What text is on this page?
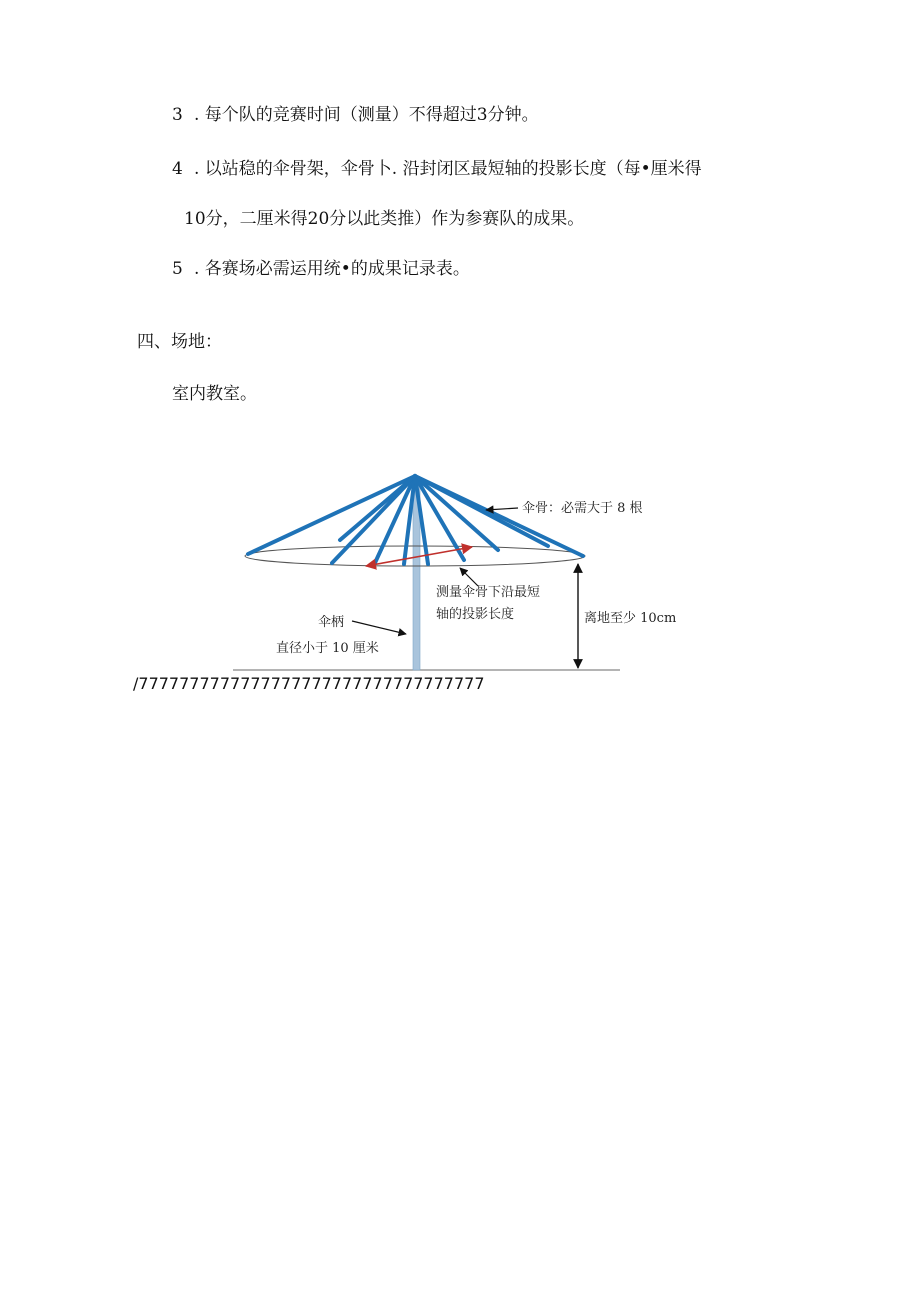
3 . 每个队的竞赛时间（测量）不得超过3分钟。
4 . 以站稳的伞骨架，伞骨卜. 沿封闭区最短轴的投影长度（每•厘米得
10分，二厘米得20分以此类推）作为参赛队的成果。
5 . 各赛场必需运用统•的成果记录表。
四、场地：
室内教室。
伞骨：必需大于 8 根
测量伞骨下沿最短
轴的投影长度
伞柄
直径小于 10 厘米
离地至少 10cm
/7777777777777777777777777777777777
